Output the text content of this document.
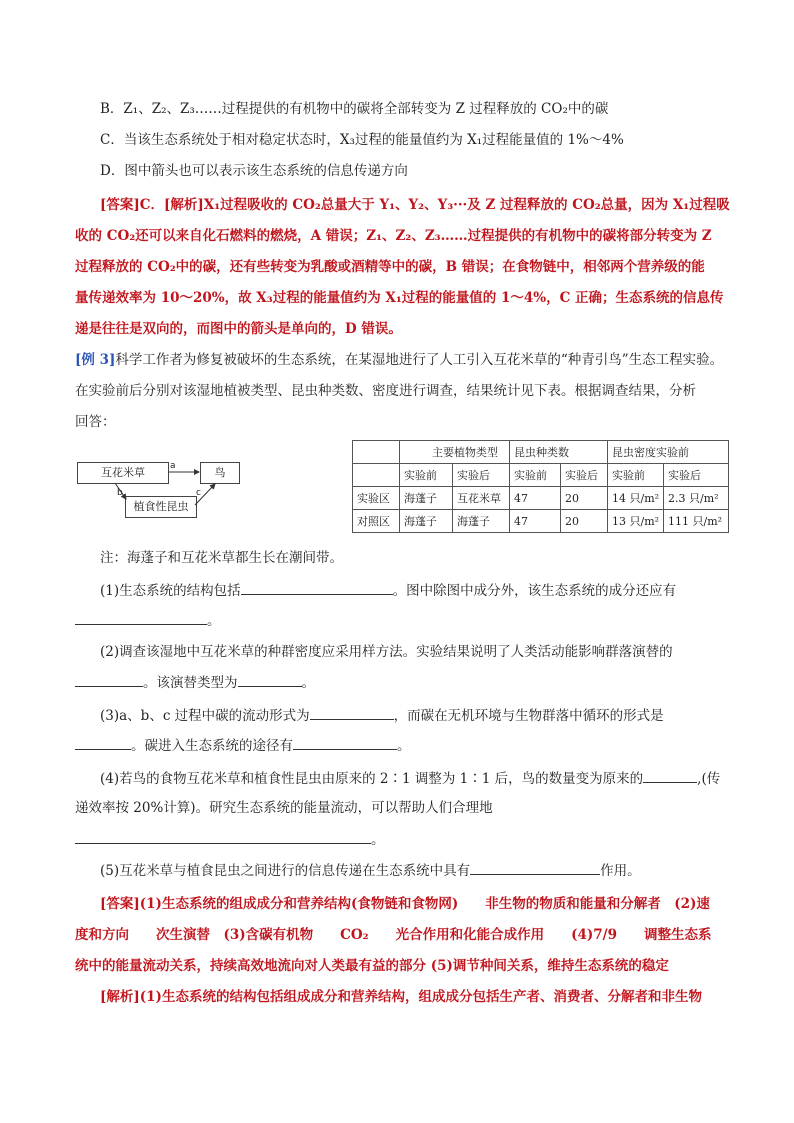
B．Z₁、Z₂、Z₃……过程提供的有机物中的碳将全部转变为 Z 过程释放的 CO₂中的碳
C．当该生态系统处于相对稳定状态时，X₃过程的能量值约为 X₁过程能量值的 1%～4%
D．图中箭头也可以表示该生态系统的信息传递方向
[答案]C．[解析]X₁过程吸收的 CO₂总量大于 Y₁、Y₂、Y₃···及 Z 过程释放的 CO₂总量，因为 X₁过程吸
收的 CO₂还可以来自化石燃料的燃烧，A 错误；Z₁、Z₂、Z₃……过程提供的有机物中的碳将部分转变为 Z
过程释放的 CO₂中的碳，还有些转变为乳酸或酒精等中的碳，B 错误；在食物链中，相邻两个营养级的能
量传递效率为 10～20%，故 X₃过程的能量值约为 X₁过程的能量值的 1～4%，C 正确；生态系统的信息传
递是往往是双向的，而图中的箭头是单向的，D 错误。
[例 3]科学工作者为修复被破坏的生态系统，在某湿地进行了人工引入互花米草的“种青引鸟”生态工程实验。
在实验前后分别对该湿地植被类型、昆虫种类数、密度进行调查，结果统计见下表。根据调查结果，分析
回答：
互花米草	鸟
植食性昆虫
a
b	c
	主要植物类型		昆虫种类数		昆虫密度实验前	
	实验前	实验后	实验前	实验后	实验前	实验后
实验区	海蓬子	互花米草	47	20	14 只/m²	2.3 只/m²
对照区	海蓬子	海蓬子	47	20	13 只/m²	111 只/m²
注：海蓬子和互花米草都生长在潮间带。
(1)生态系统的结构包括	。图中除图中成分外，该生态系统的成分还应有
。
(2)调查该湿地中互花米草的种群密度应采用样方法。实验结果说明了人类活动能影响群落演替的
。该演替类型为	。
(3)a、b、c 过程中碳的流动形式为	，而碳在无机环境与生物群落中循环的形式是
。碳进入生态系统的途径有	。
(4)若鸟的食物互花米草和植食性昆虫由原来的 2∶1 调整为 1∶1 后，鸟的数量变为原来的	,(传
递效率按 20%计算)。研究生态系统的能量流动，可以帮助人们合理地
。
(5)互花米草与植食昆虫之间进行的信息传递在生态系统中具有	作用。
[答案](1)生态系统的组成成分和营养结构(食物链和食物网)　　非生物的物质和能量和分解者　(2)速
度和方向　　次生演替　(3)含碳有机物　　CO₂　　光合作用和化能合成作用　　(4)7/9　　调整生态系
统中的能量流动关系，持续高效地流向对人类最有益的部分 (5)调节种间关系，维持生态系统的稳定
[解析](1)生态系统的结构包括组成成分和营养结构，组成成分包括生产者、消费者、分解者和非生物
